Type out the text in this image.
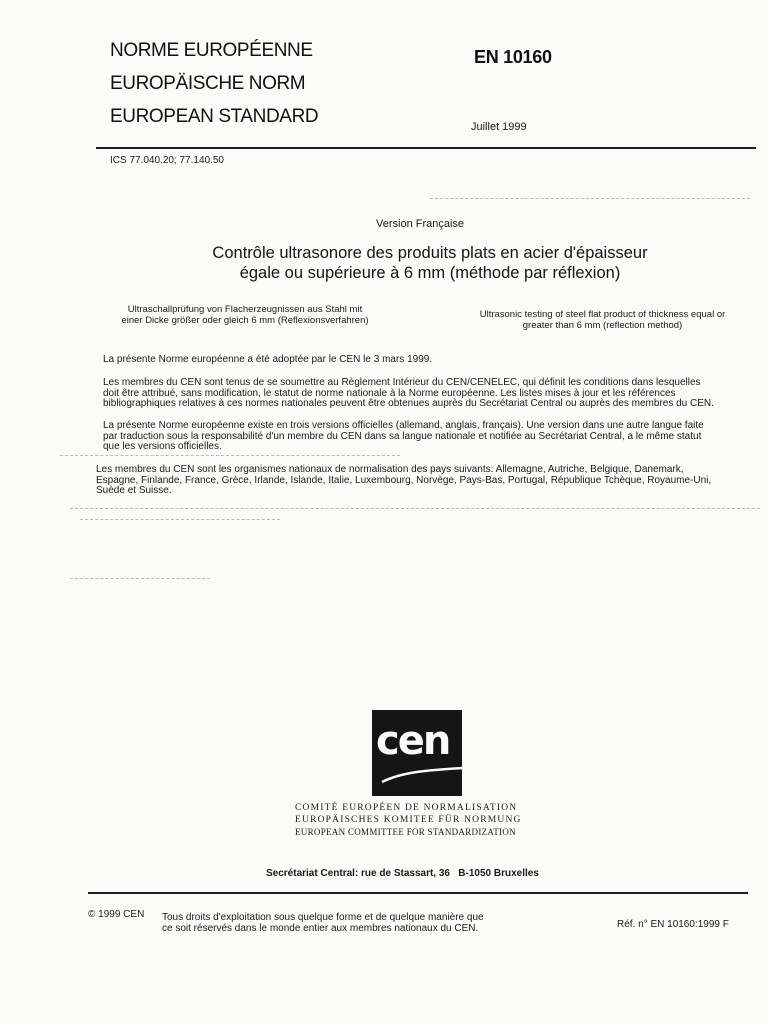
NORME EUROPÉENNE
EUROPÄISCHE NORM
EUROPEAN STANDARD
EN 10160
Juillet 1999
ICS 77.040.20; 77.140.50
Version Française
Contrôle ultrasonore des produits plats en acier d'épaisseur
égale ou supérieure à 6 mm (méthode par réflexion)
Ultraschallprüfung von Flacherzeugnissen aus Stahl mit
einer Dicke größer oder gleich 6 mm (Reflexionsverfahren)
Ultrasonic testing of steel flat product of thickness equal or
greater than 6 mm (reflection method)
La présente Norme européenne a été adoptée par le CEN le 3 mars 1999.
Les membres du CEN sont tenus de se soumettre au Règlement Intérieur du CEN/CENELEC, qui définit les conditions dans lesquelles
doit être attribué, sans modification, le statut de norme nationale à la Norme européenne. Les listes mises à jour et les références
bibliographiques relatives à ces normes nationales peuvent être obtenues auprès du Secrétariat Central ou auprès des membres du CEN.
La présente Norme européenne existe en trois versions officielles (allemand, anglais, français). Une version dans une autre langue faite
par traduction sous la responsabilité d'un membre du CEN dans sa langue nationale et notifiée au Secrétariat Central, a le même statut
que les versions officielles.
Les membres du CEN sont les organismes nationaux de normalisation des pays suivants: Allemagne, Autriche, Belgique, Danemark,
Espagne, Finlande, France, Grèce, Irlande, Islande, Italie, Luxembourg, Norvège, Pays-Bas, Portugal, République Tchèque, Royaume-Uni,
Suède et Suisse.
cen
COMITÉ EUROPÉEN DE NORMALISATION
EUROPÄISCHES KOMITEE FÜR NORMUNG
EUROPEAN COMMITTEE FOR STANDARDIZATION
Secrétariat Central: rue de Stassart, 36   B-1050 Bruxelles
© 1999 CEN Tous droits d'exploitation sous quelque forme et de quelque manière que
ce soit réservés dans le monde entier aux membres nationaux du CEN.	Réf. n° EN 10160:1999 F
